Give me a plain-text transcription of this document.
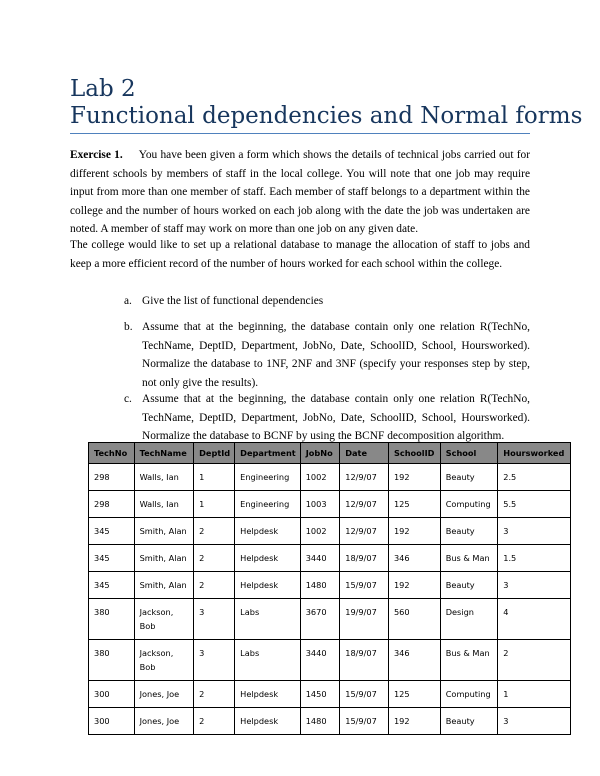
Lab 2
Functional dependencies and Normal forms
Exercise 1. You have been given a form which shows the details of technical jobs carried out for different schools by members of staff in the local college. You will note that one job may require input from more than one member of staff. Each member of staff belongs to a department within the college and the number of hours worked on each job along with the date the job was undertaken are noted. A member of staff may work on more than one job on any given date.
The college would like to set up a relational database to manage the allocation of staff to jobs and keep a more efficient record of the number of hours worked for each school within the college.
a. Give the list of functional dependencies
b. Assume that at the beginning, the database contain only one relation R(TechNo, TechName, DeptID, Department, JobNo, Date, SchoolID, School, Hoursworked). Normalize the database to 1NF, 2NF and 3NF (specify your responses step by step, not only give the results).
c. Assume that at the beginning, the database contain only one relation R(TechNo, TechName, DeptID, Department, JobNo, Date, SchoolID, School, Hoursworked). Normalize the database to BCNF by using the BCNF decomposition algorithm.
TechNo	TechName	DeptId	Department	JobNo	Date	SchoolID	School	Hoursworked
298	Walls, Ian	1	Engineering	1002	12/9/07	192	Beauty	2.5
298	Walls, Ian	1	Engineering	1003	12/9/07	125	Computing	5.5
345	Smith, Alan	2	Helpdesk	1002	12/9/07	192	Beauty	3
345	Smith, Alan	2	Helpdesk	3440	18/9/07	346	Bus & Man	1.5
345	Smith, Alan	2	Helpdesk	1480	15/9/07	192	Beauty	3
380	Jackson, Bob	3	Labs	3670	19/9/07	560	Design	4
380	Jackson, Bob	3	Labs	3440	18/9/07	346	Bus & Man	2
300	Jones, Joe	2	Helpdesk	1450	15/9/07	125	Computing	1
300	Jones, Joe	2	Helpdesk	1480	15/9/07	192	Beauty	3
